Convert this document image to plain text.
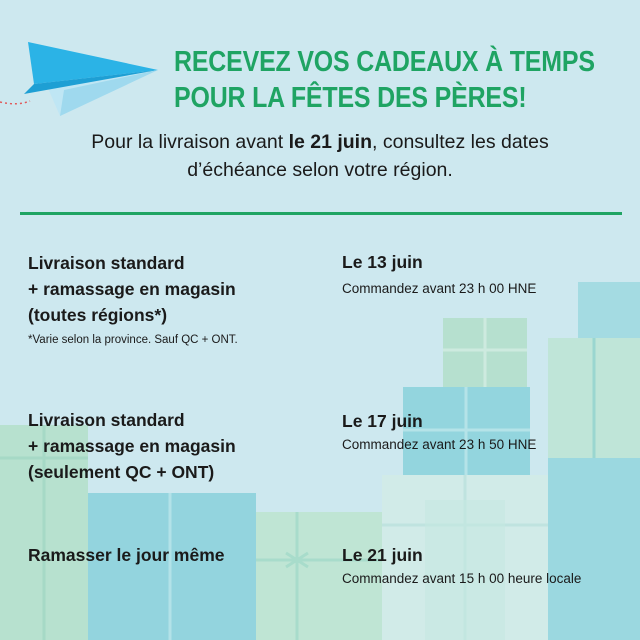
RECEVEZ VOS CADEAUX À TEMPS
POUR LA FÊTES DES PÈRES!

Pour la livraison avant le 21 juin, consultez les dates d’échéance selon votre région.

Livraison standard
+ ramassage en magasin
(toutes régions*)

*Varie selon la province. Sauf QC + ONT.

Le 13 juin

Commandez avant 23 h 00 HNE

Livraison standard
+ ramassage en magasin
(seulement QC + ONT)

Le 17 juin

Commandez avant 23 h 50 HNE

Ramasser le jour même	Le 21 juin

Commandez avant 15 h 00 heure locale
